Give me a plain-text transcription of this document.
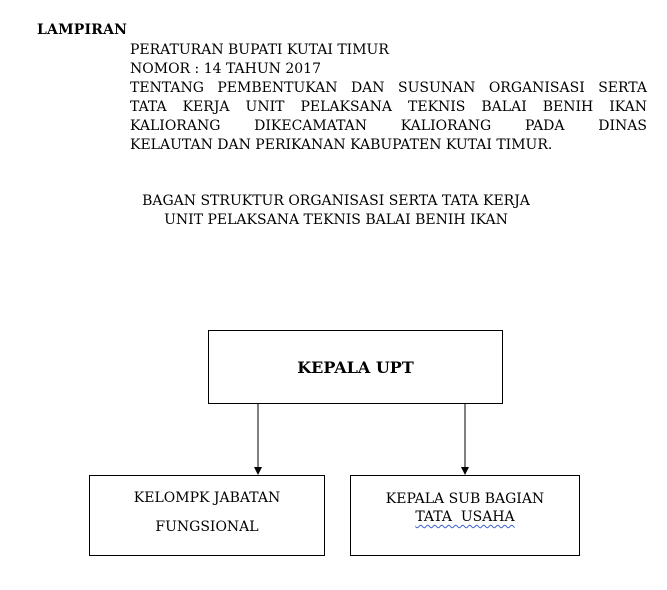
LAMPIRAN
PERATURAN BUPATI KUTAI TIMUR
NOMOR : 14 TAHUN 2017
TENTANG PEMBENTUKAN DAN SUSUNAN ORGANISASI SERTA
TATA KERJA UNIT PELAKSANA TEKNIS BALAI BENIH IKAN
KALIORANG DIKECAMATAN KALIORANG PADA DINAS
KELAUTAN DAN PERIKANAN KABUPATEN KUTAI TIMUR.
BAGAN STRUKTUR ORGANISASI SERTA TATA KERJA
UNIT PELAKSANA TEKNIS BALAI BENIH IKAN
KEPALA UPT
KELOMPK JABATAN
FUNGSIONAL
KEPALA SUB BAGIAN
TATA  USAHA
